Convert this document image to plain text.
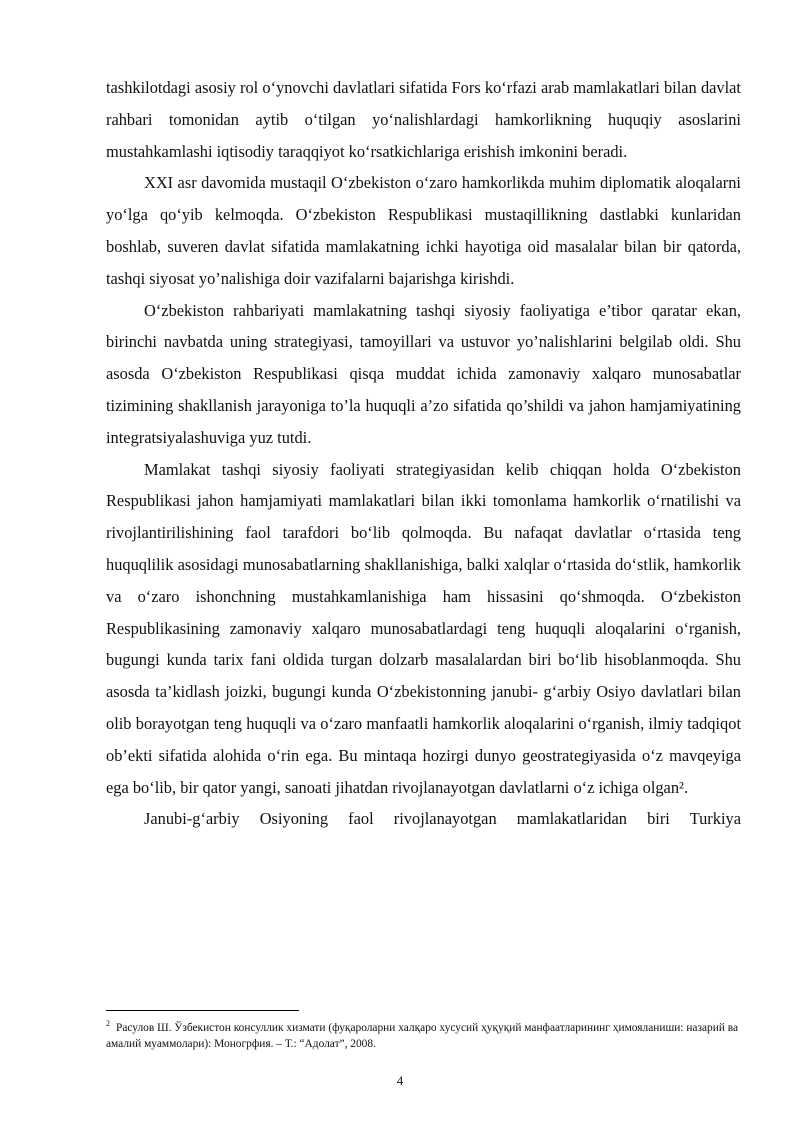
tashkilotdagi asosiy rol oʻynovchi davlatlari sifatida Fors koʻrfazi arab mamlakatlari bilan davlat rahbari tomonidan aytib oʻtilgan yoʻnalishlardagi hamkorlikning huquqiy asoslarini mustahkamlashi iqtisodiy taraqqiyot koʻrsatkichlariga erishish imkonini beradi.

XXI asr davomida mustaqil Oʻzbekiston oʻzaro hamkorlikda muhim diplomatik aloqalarni yoʻlga qoʻyib kelmoqda. Oʻzbekiston Respublikasi mustaqillikning dastlabki kunlaridan boshlab, suveren davlat sifatida mamlakatning ichki hayotiga oid masalalar bilan bir qatorda, tashqi siyosat yo’nalishiga doir vazifalarni bajarishga kirishdi.

Oʻzbekiston rahbariyati mamlakatning tashqi siyosiy faoliyatiga e’tibor qaratar ekan, birinchi navbatda uning strategiyasi, tamoyillari va ustuvor yo’nalishlarini belgilab oldi. Shu asosda Oʻzbekiston Respublikasi qisqa muddat ichida zamonaviy xalqaro munosabatlar tizimining shakllanish jarayoniga to’la huquqli a’zo sifatida qo’shildi va jahon hamjamiyatining integratsiyalashuviga yuz tutdi.

Mamlakat tashqi siyosiy faoliyati strategiyasidan kelib chiqqan holda Oʻzbekiston Respublikasi jahon hamjamiyati mamlakatlari bilan ikki tomonlama hamkorlik oʻrnatilishi va rivojlantirilishining faol tarafdori boʻlib qolmoqda. Bu nafaqat davlatlar oʻrtasida teng huquqlilik asosidagi munosabatlarning shakllanishiga, balki xalqlar oʻrtasida doʻstlik, hamkorlik va oʻzaro ishonchning mustahkamlanishiga ham hissasini qoʻshmoqda. Oʻzbekiston Respublikasining zamonaviy xalqaro munosabatlardagi teng huquqli aloqalarini oʻrganish, bugungi kunda tarix fani oldida turgan dolzarb masalalardan biri boʻlib hisoblanmoqda. Shu asosda ta’kidlash joizki, bugungi kunda Oʻzbekistonning janubi- gʻarbiy Osiyo davlatlari bilan olib borayotgan teng huquqli va oʻzaro manfaatli hamkorlik aloqalarini oʻrganish, ilmiy tadqiqot ob’ekti sifatida alohida oʻrin ega. Bu mintaqa hozirgi dunyo geostrategiyasida oʻz mavqeyiga ega boʻlib, bir qator yangi, sanoati jihatdan rivojlanayotgan davlatlarni oʻz ichiga olgan².

Janubi-gʻarbiy Osiyoning faol rivojlanayotgan mamlakatlaridan biri Turkiya

$^2$ Расулов Ш. Ўзбекистон консуллик хизмати (фуқароларни халқаро хусусий ҳуқуқий манфаатларининг ҳимояланиши: назарий ва амалий муаммолари): Моногрфия. – Т.: “Адолат”, 2008.
4
